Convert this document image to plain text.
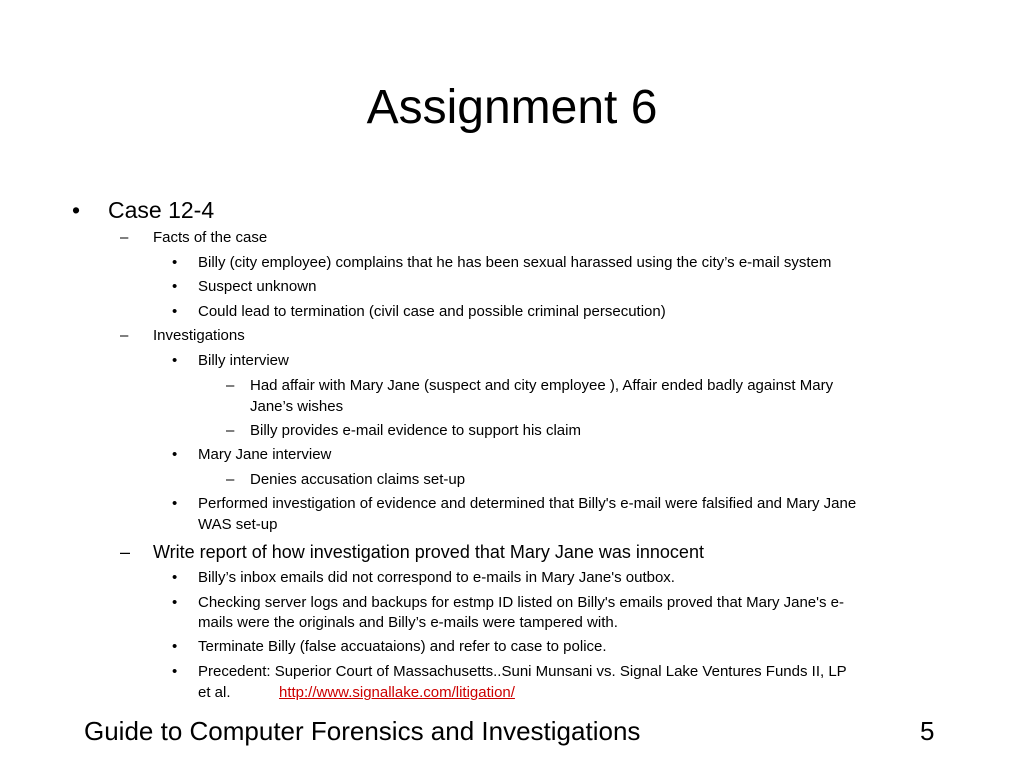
Assignment 6
• Case 12-4
– Facts of the case
• Billy (city employee) complains that he has been sexual harassed using the city’s e-mail system
• Suspect unknown
• Could lead to termination (civil case and possible criminal persecution)
– Investigations
• Billy interview
– Had affair with Mary Jane (suspect and city employee ), Affair ended badly against Mary
Jane’s wishes
– Billy provides e-mail evidence to support his claim
• Mary Jane interview
– Denies accusation claims set-up
• Performed investigation of evidence and determined that Billy's e-mail were falsified and Mary Jane
WAS set-up
– Write report of how investigation proved that Mary Jane was innocent
• Billy’s inbox emails did not correspond to e-mails in Mary Jane's outbox.
• Checking server logs and backups for estmp ID listed on Billy's emails proved that Mary Jane's e-
mails were the originals and Billy’s e-mails were tampered with.
• Terminate Billy (false accuataions) and refer to case to police.
• Precedent: Superior Court of Massachusetts..Suni Munsani vs. Signal Lake Ventures Funds II, LP
et al.	http://www.signallake.com/litigation/
Guide to Computer Forensics and Investigations	5
